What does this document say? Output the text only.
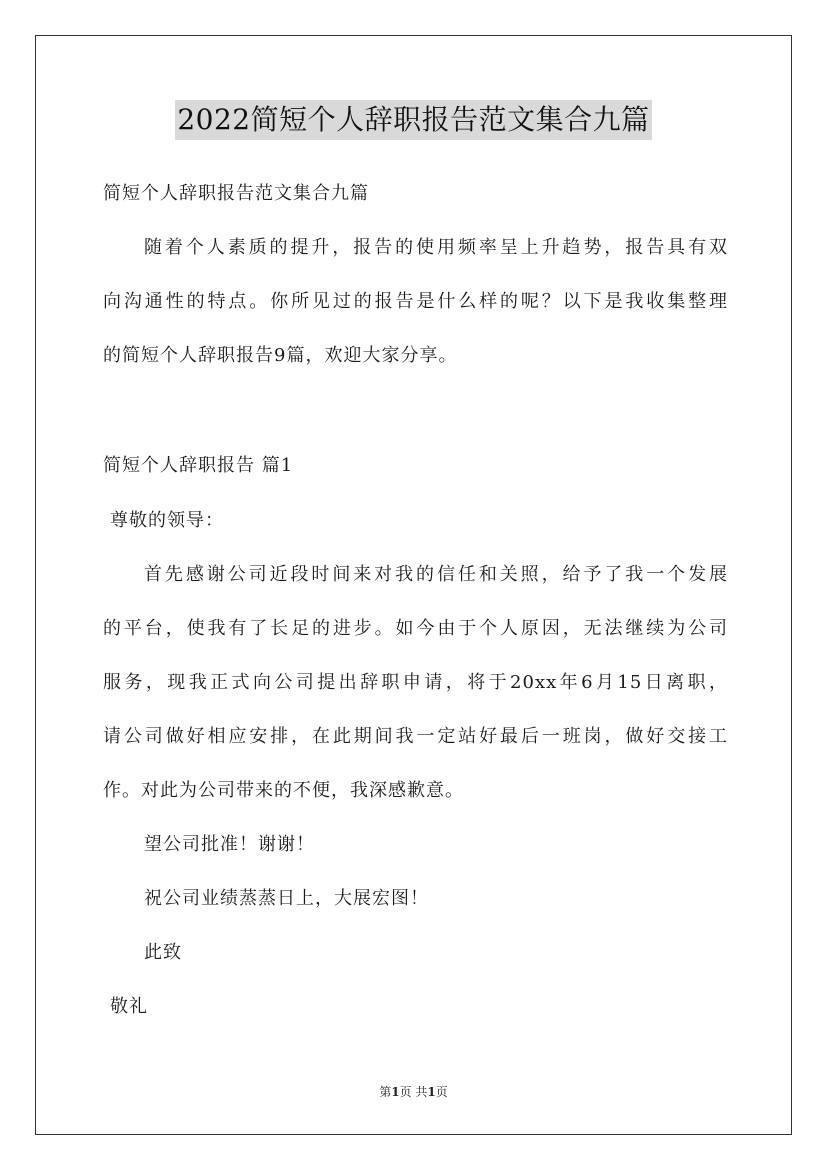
2022简短个人辞职报告范文集合九篇
简短个人辞职报告范文集合九篇
随着个人素质的提升，报告的使用频率呈上升趋势，报告具有双
向沟通性的特点。你所见过的报告是什么样的呢？以下是我收集整理
的简短个人辞职报告9篇，欢迎大家分享。
简短个人辞职报告 篇1
尊敬的领导：
首先感谢公司近段时间来对我的信任和关照，给予了我一个发展
的平台，使我有了长足的进步。如今由于个人原因，无法继续为公司
服务，现我正式向公司提出辞职申请，将于20xx年6月15日离职，
请公司做好相应安排，在此期间我一定站好最后一班岗，做好交接工
作。对此为公司带来的不便，我深感歉意。
望公司批准！谢谢！
祝公司业绩蒸蒸日上，大展宏图！
此致
敬礼
第1页 共1页
